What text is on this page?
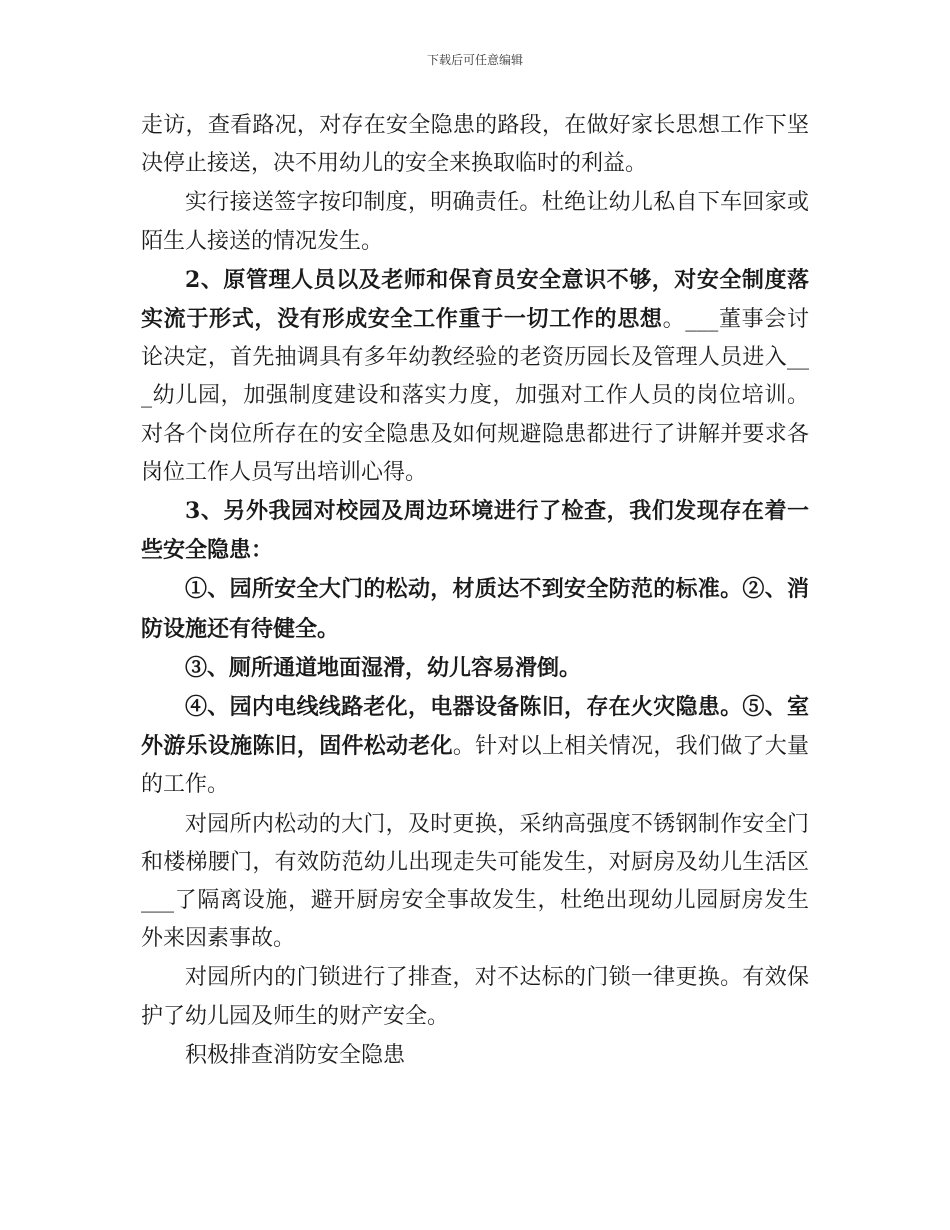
下载后可任意编辑

走访，查看路况，对存在安全隐患的路段，在做好家长思想工作下坚决停止接送，决不用幼儿的安全来换取临时的利益。

实行接送签字按印制度，明确责任。杜绝让幼儿私自下车回家或陌生人接送的情况发生。

2、原管理人员以及老师和保育员安全意识不够，对安全制度落实流于形式，没有形成安全工作重于一切工作的思想。___董事会讨论决定，首先抽调具有多年幼教经验的老资历园长及管理人员进入___幼儿园，加强制度建设和落实力度，加强对工作人员的岗位培训。对各个岗位所存在的安全隐患及如何规避隐患都进行了讲解并要求各岗位工作人员写出培训心得。

3、另外我园对校园及周边环境进行了检查，我们发现存在着一些安全隐患：

①、园所安全大门的松动，材质达不到安全防范的标准。②、消防设施还有待健全。

③、厕所通道地面湿滑，幼儿容易滑倒。

④、园内电线线路老化，电器设备陈旧，存在火灾隐患。⑤、室外游乐设施陈旧，固件松动老化。针对以上相关情况，我们做了大量的工作。

对园所内松动的大门，及时更换，采纳高强度不锈钢制作安全门和楼梯腰门，有效防范幼儿出现走失可能发生，对厨房及幼儿生活区___了隔离设施，避开厨房安全事故发生，杜绝出现幼儿园厨房发生外来因素事故。

对园所内的门锁进行了排查，对不达标的门锁一律更换。有效保护了幼儿园及师生的财产安全。

积极排查消防安全隐患
